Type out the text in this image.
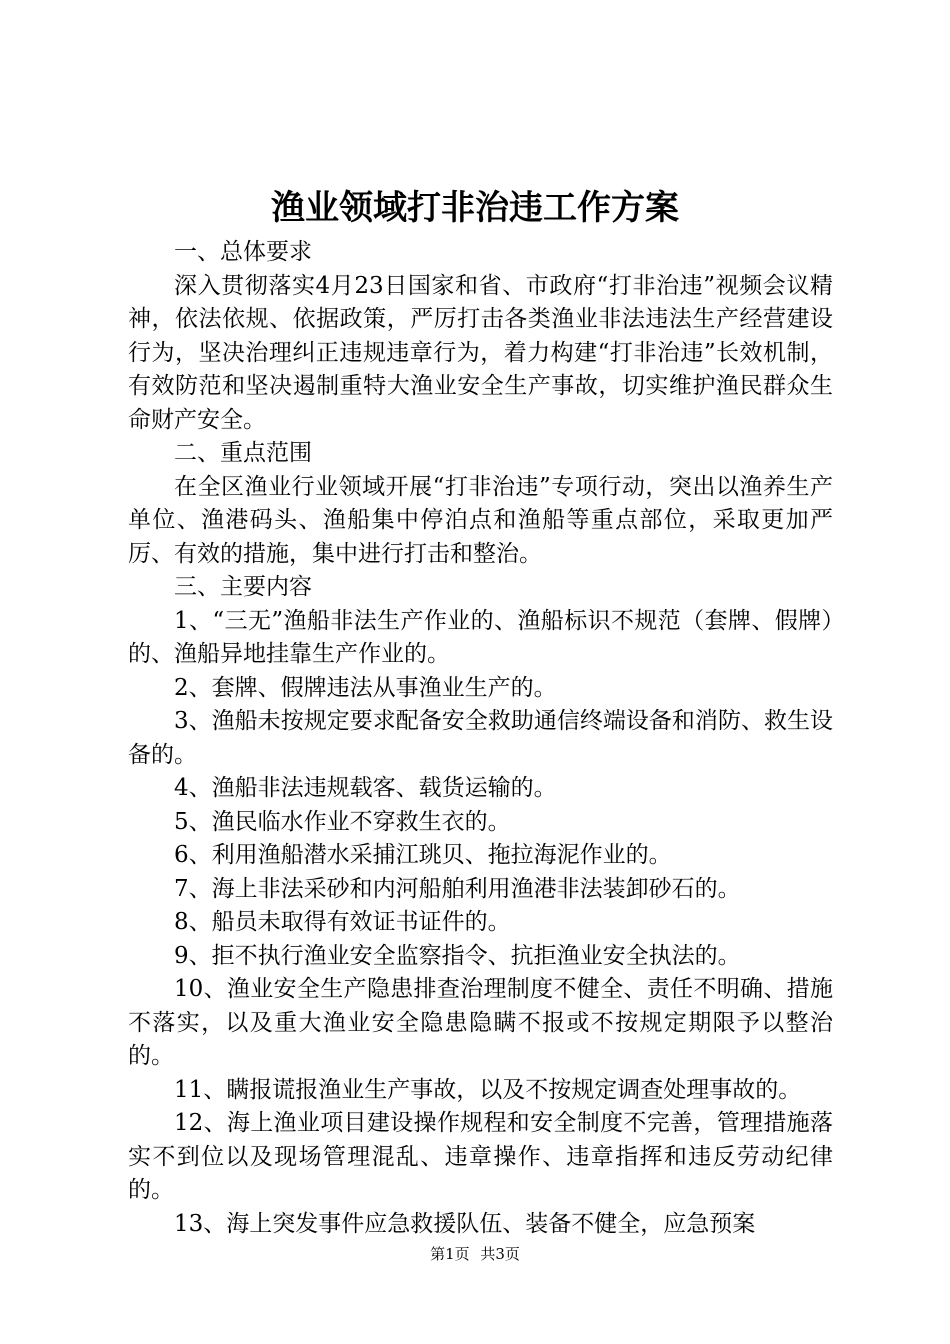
渔业领域打非治违工作方案

一、总体要求

深入贯彻落实4月23日国家和省、市政府“打非治违”视频会议精神，依法依规、依据政策，严厉打击各类渔业非法违法生产经营建设行为，坚决治理纠正违规违章行为，着力构建“打非治违”长效机制，有效防范和坚决遏制重特大渔业安全生产事故，切实维护渔民群众生命财产安全。

二、重点范围

在全区渔业行业领域开展“打非治违”专项行动，突出以渔养生产单位、渔港码头、渔船集中停泊点和渔船等重点部位，采取更加严厉、有效的措施，集中进行打击和整治。

三、主要内容

1、“三无”渔船非法生产作业的、渔船标识不规范（套牌、假牌）的、渔船异地挂靠生产作业的。

2、套牌、假牌违法从事渔业生产的。

3、渔船未按规定要求配备安全救助通信终端设备和消防、救生设备的。

4、渔船非法违规载客、载货运输的。

5、渔民临水作业不穿救生衣的。

6、利用渔船潜水采捕江珧贝、拖拉海泥作业的。

7、海上非法采砂和内河船舶利用渔港非法装卸砂石的。

8、船员未取得有效证书证件的。

9、拒不执行渔业安全监察指令、抗拒渔业安全执法的。

10、渔业安全生产隐患排查治理制度不健全、责任不明确、措施不落实，以及重大渔业安全隐患隐瞒不报或不按规定期限予以整治的。

11、瞒报谎报渔业生产事故，以及不按规定调查处理事故的。

12、海上渔业项目建设操作规程和安全制度不完善，管理措施落实不到位以及现场管理混乱、违章操作、违章指挥和违反劳动纪律的。

13、海上突发事件应急救援队伍、装备不健全，应急预案

第1页 共3页
